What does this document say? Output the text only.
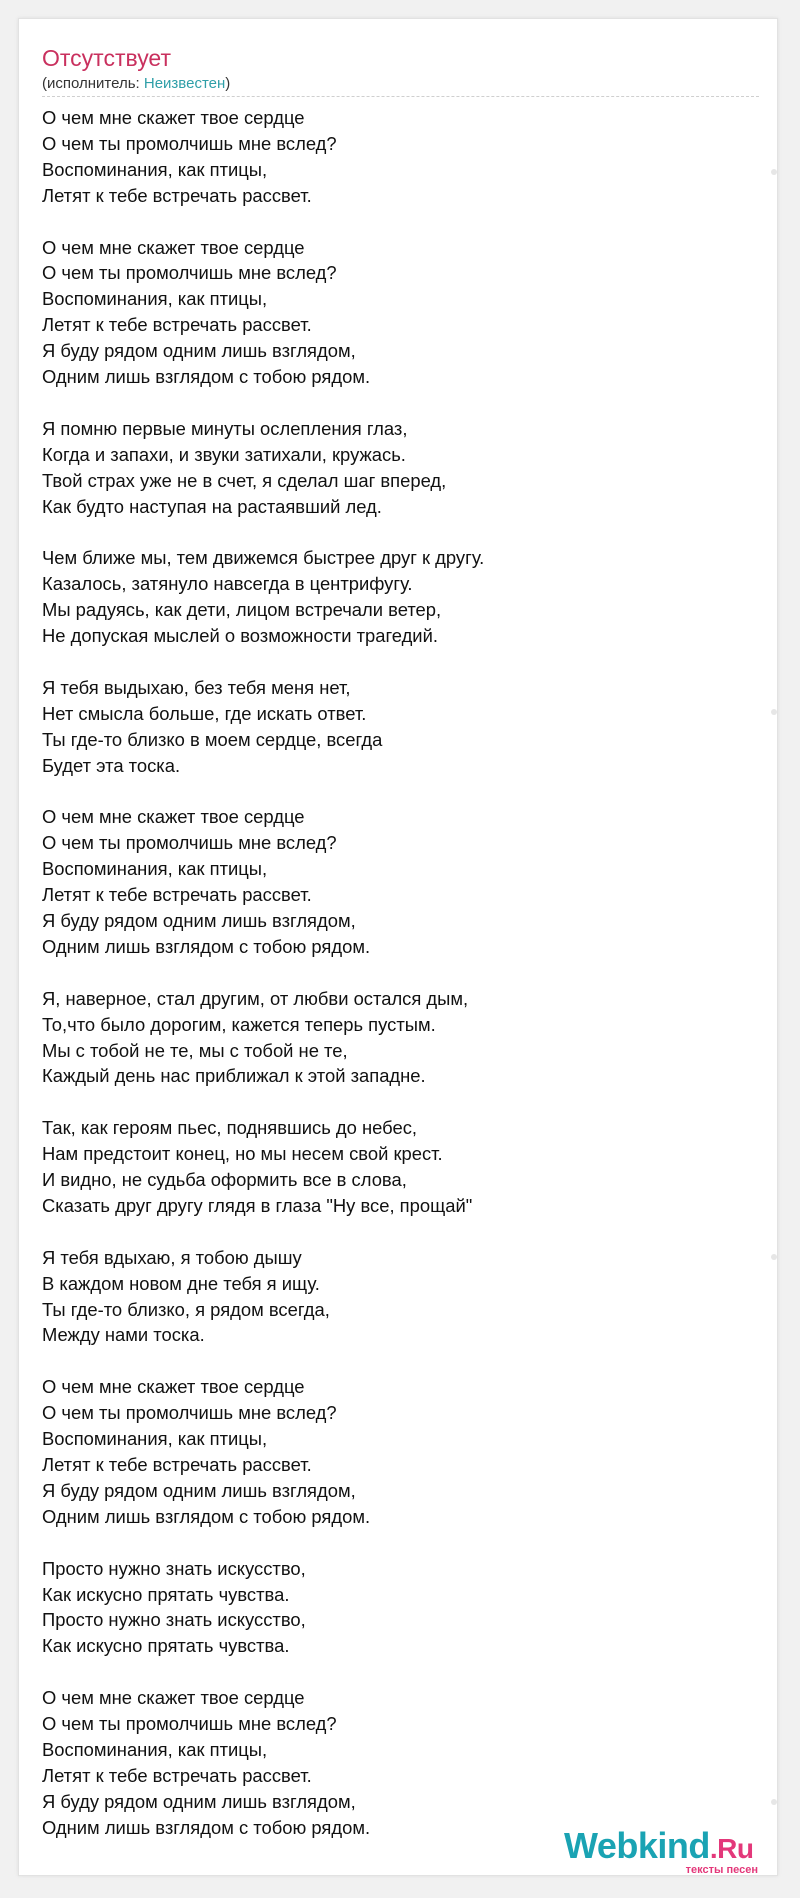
Отсутствует
(исполнитель: Неизвестен)
О чем мне скажет твое сердце
О чем ты промолчишь мне вслед?
Воспоминания, как птицы,
Летят к тебе встречать рассвет.
О чем мне скажет твое сердце
О чем ты промолчишь мне вслед?
Воспоминания, как птицы,
Летят к тебе встречать рассвет.
Я буду рядом одним лишь взглядом,
Одним лишь взглядом с тобою рядом.
Я помню первые минуты ослепления глаз,
Когда и запахи, и звуки затихали, кружась.
Твой страх уже не в счет, я сделал шаг вперед,
Как будто наступая на растаявший лед.
Чем ближе мы, тем движемся быстрее друг к другу.
Казалось, затянуло навсегда в центрифугу.
Мы радуясь, как дети, лицом встречали ветер,
Не допуская мыслей о возможности трагедий.
Я тебя выдыхаю, без тебя меня нет,
Нет смысла больше, где искать ответ.
Ты где-то близко в моем сердце, всегда
Будет эта тоска.
О чем мне скажет твое сердце
О чем ты промолчишь мне вслед?
Воспоминания, как птицы,
Летят к тебе встречать рассвет.
Я буду рядом одним лишь взглядом,
Одним лишь взглядом с тобою рядом.
Я, наверное, стал другим, от любви остался дым,
То,что было дорогим, кажется теперь пустым.
Мы с тобой не те, мы с тобой не те,
Каждый день нас приближал к этой западне.
Так, как героям пьес, поднявшись до небес,
Нам предстоит конец, но мы несем свой крест.
И видно, не судьба оформить все в слова,
Сказать друг другу глядя в глаза "Ну все, прощай"
Я тебя вдыхаю, я тобою дышу
В каждом новом дне тебя я ищу.
Ты где-то близко, я рядом всегда,
Между нами тоска.
О чем мне скажет твое сердце
О чем ты промолчишь мне вслед?
Воспоминания, как птицы,
Летят к тебе встречать рассвет.
Я буду рядом одним лишь взглядом,
Одним лишь взглядом с тобою рядом.
Просто нужно знать искусство,
Как искусно прятать чувства.
Просто нужно знать искусство,
Как искусно прятать чувства.
О чем мне скажет твое сердце
О чем ты промолчишь мне вслед?
Воспоминания, как птицы,
Летят к тебе встречать рассвет.
Я буду рядом одним лишь взглядом,
Одним лишь взглядом с тобою рядом.	Webkind.Ru
тексты песен
